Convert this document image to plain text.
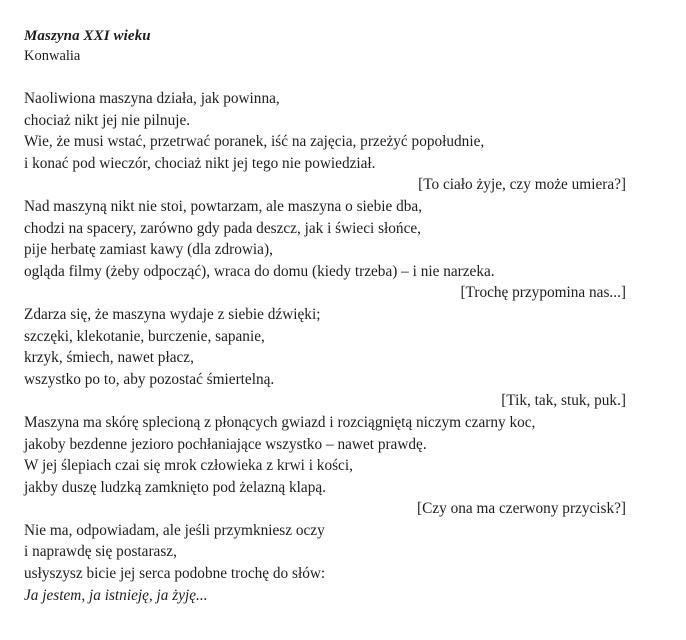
Maszyna XXI wieku

Konwalia

Naoliwiona maszyna działa, jak powinna,
chociaż nikt jej nie pilnuje.
Wie, że musi wstać, przetrwać poranek, iść na zajęcia, przeżyć popołudnie,
i konać pod wieczór, chociaż nikt jej tego nie powiedział.
[To ciało żyje, czy może umiera?]
Nad maszyną nikt nie stoi, powtarzam, ale maszyna o siebie dba,
chodzi na spacery, zarówno gdy pada deszcz, jak i świeci słońce,
pije herbatę zamiast kawy (dla zdrowia),
ogląda filmy (żeby odpocząć), wraca do domu (kiedy trzeba) – i nie narzeka.
[Trochę przypomina nas...]
Zdarza się, że maszyna wydaje z siebie dźwięki;
szczęki, klekotanie, burczenie, sapanie,
krzyk, śmiech, nawet płacz,
wszystko po to, aby pozostać śmiertelną.
[Tik, tak, stuk, puk.]
Maszyna ma skórę splecioną z płonących gwiazd i rozciągniętą niczym czarny koc,
jakoby bezdenne jezioro pochłaniające wszystko – nawet prawdę.
W jej ślepiach czai się mrok człowieka z krwi i kości,
jakby duszę ludzką zamknięto pod żelazną klapą.
[Czy ona ma czerwony przycisk?]
Nie ma, odpowiadam, ale jeśli przymkniesz oczy
i naprawdę się postarasz,
usłyszysz bicie jej serca podobne trochę do słów:
Ja jestem, ja istnieję, ja żyję...
